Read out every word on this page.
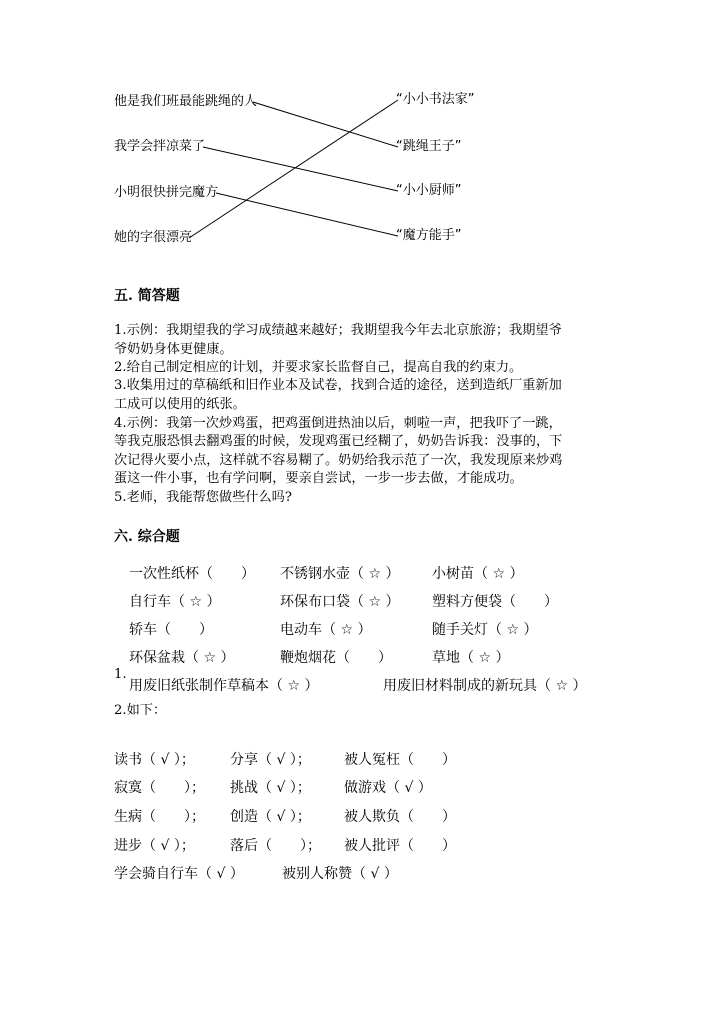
他是我们班最能跳绳的人
我学会拌凉菜了
小明很快拼完魔方
她的字很漂亮
“小小书法家”
“跳绳王子”
“小小厨师”
“魔方能手”
五. 简答题
1.示例：我期望我的学习成绩越来越好；我期望我今年去北京旅游；我期望爷
爷奶奶身体更健康。
2.给自己制定相应的计划，并要求家长监督自己，提高自我的约束力。
3.收集用过的草稿纸和旧作业本及试卷，找到合适的途径，送到造纸厂重新加
工成可以使用的纸张。
4.示例：我第一次炒鸡蛋，把鸡蛋倒进热油以后，刺啦一声，把我吓了一跳，
等我克服恐惧去翻鸡蛋的时候，发现鸡蛋已经糊了，奶奶告诉我：没事的，下
次记得火要小点，这样就不容易糊了。奶奶给我示范了一次，我发现原来炒鸡
蛋这一件小事，也有学问啊，要亲自尝试，一步一步去做，才能成功。
5.老师，我能帮您做些什么吗?
六. 综合题
一次性纸杯（　　） 不锈钢水壶（ ☆ ） 小树苗（ ☆ ）
自行车（ ☆ ）	环保布口袋（ ☆ ） 塑料方便袋（　　）
轿车（　　）	电动车（ ☆ ）	随手关灯（ ☆ ）
环保盆栽（ ☆ ）	鞭炮烟花（　　）	草地（ ☆ ）
1.
用废旧纸张制作草稿本（ ☆ ）	用废旧材料制成的新玩具（ ☆ ）
2.如下：
读书（ √ ）；	分享（ √ ）； 被人冤枉（　　）
寂寞（　　）； 挑战（ √ ）； 做游戏（ √ ）
生病（　　）； 创造（ √ ）； 被人欺负（　　）
进步（ √ ）；	落后（　　）； 被人批评（　　）
学会骑自行车（ √ ）	被别人称赞（ √ ）
